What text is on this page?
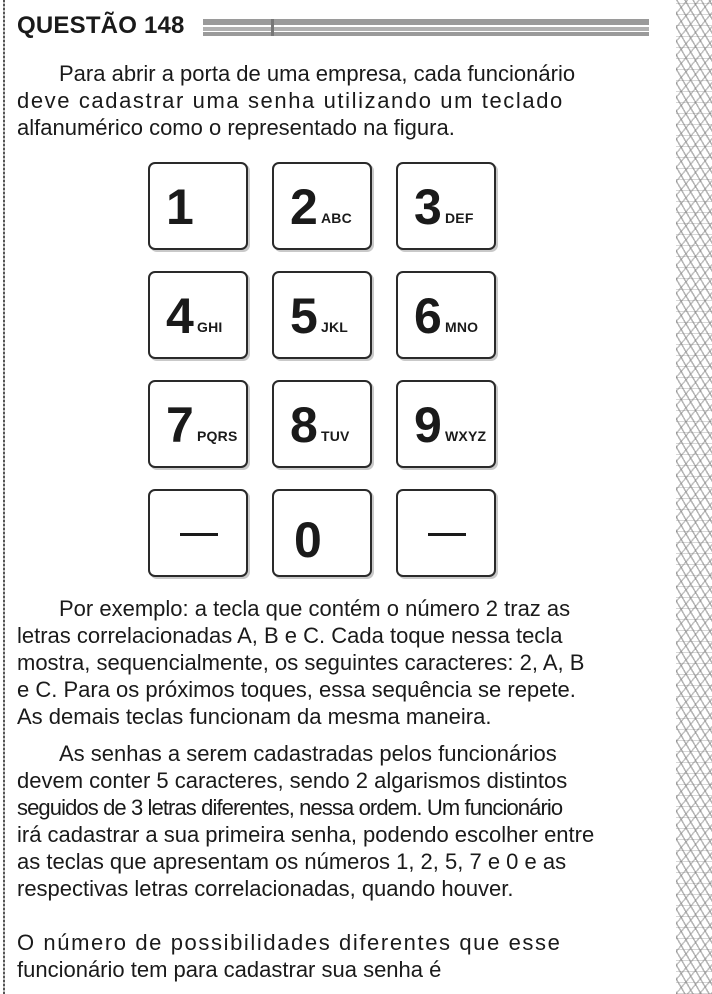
QUESTÃO 148
Para abrir a porta de uma empresa, cada funcionário

deve cadastrar uma senha utilizando um teclado
alfanumérico como o representado na figura.
1 2 ABC 3 DEF
4 GHI 5 JKL 6 MNO
7 PQRS 8 TUV 9 WXYZ
0
Por exemplo: a tecla que contém o número 2 traz as
letras correlacionadas A, B e C. Cada toque nessa tecla
mostra, sequencialmente, os seguintes caracteres: 2, A, B
e C. Para os próximos toques, essa sequência se repete.
As demais teclas funcionam da mesma maneira.
As senhas a serem cadastradas pelos funcionários
devem conter 5 caracteres, sendo 2 algarismos distintos
seguidos de 3 letras diferentes, nessa ordem. Um funcionário
irá cadastrar a sua primeira senha, podendo escolher entre
as teclas que apresentam os números 1, 2, 5, 7 e 0 e as
respectivas letras correlacionadas, quando houver.
O número de possibilidades diferentes que esse
funcionário tem para cadastrar sua senha é
